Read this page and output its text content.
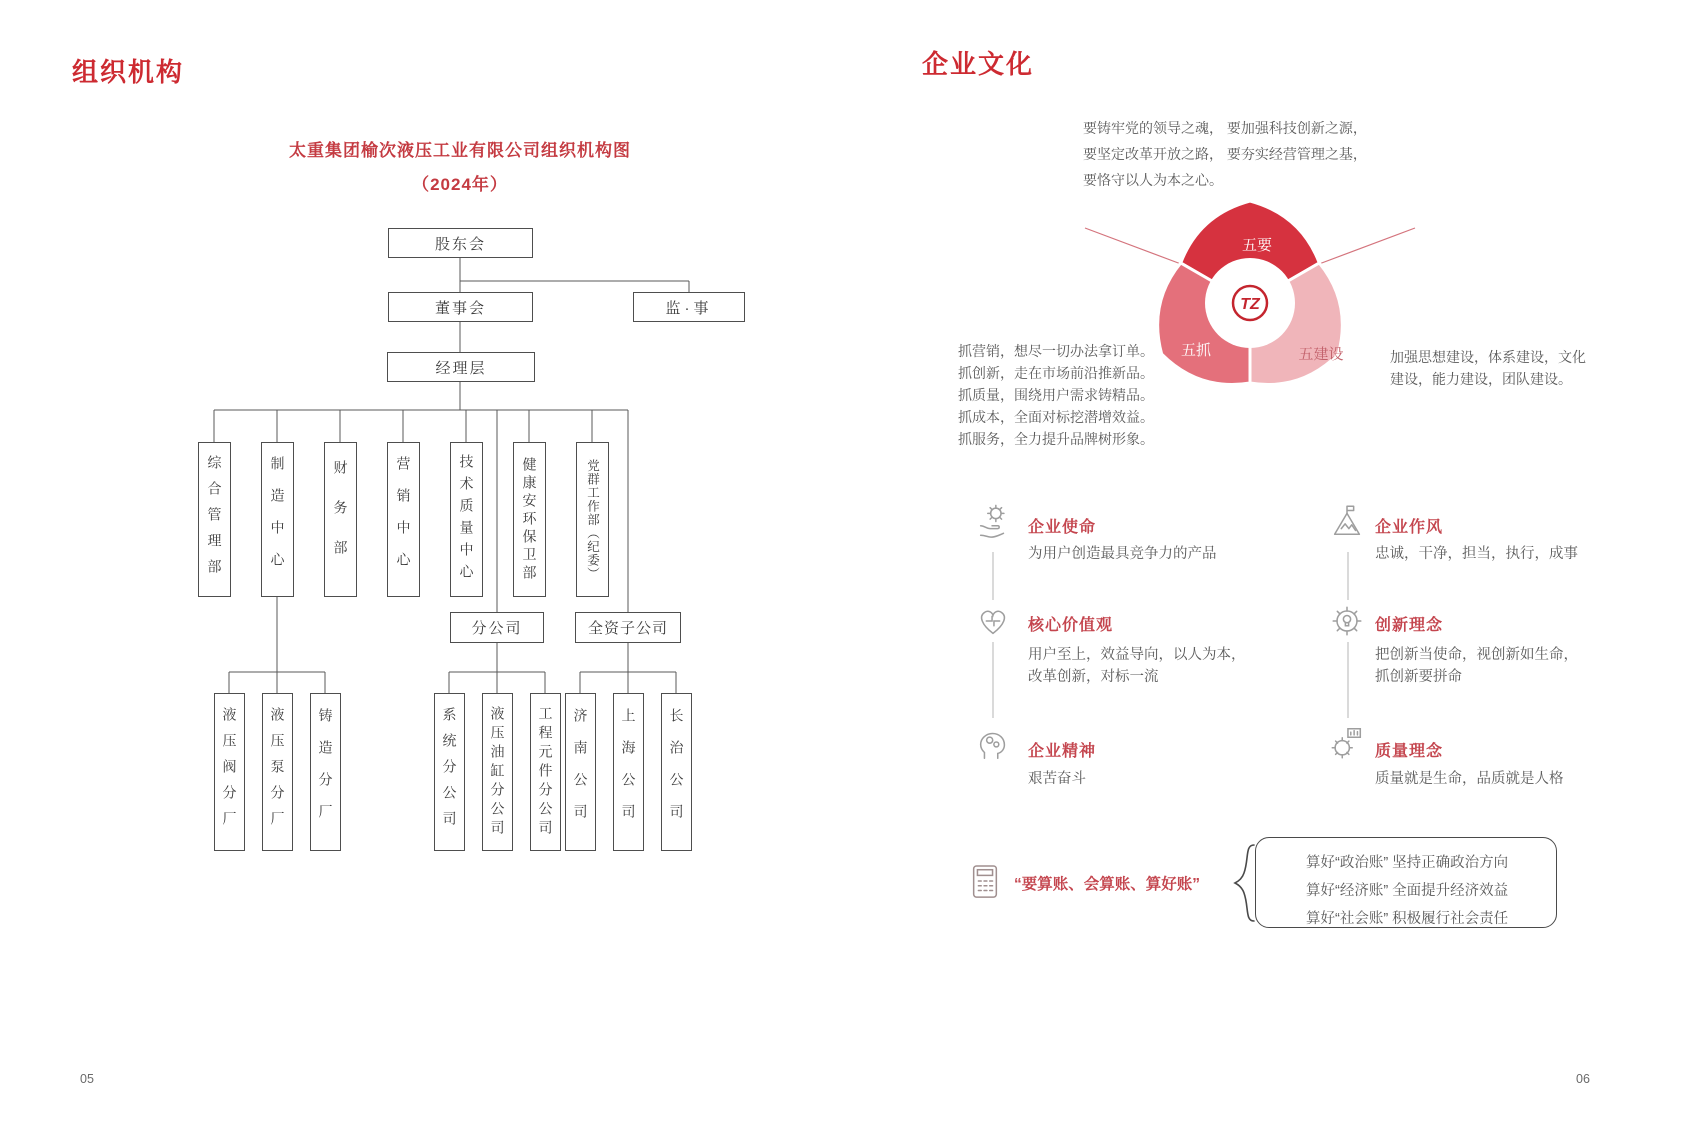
组织机构
太重集团榆次液压工业有限公司组织机构图
（2024年）
股东会
董事会	监·事
经理层
综合管理部	制造中心	财务部	营销中心	技术质量中心	健康安环保卫部	党群工作部（纪委）
分公司	全资子公司
液压阀分厂	液压泵分厂	铸造分厂	系统分公司	液压油缸分公司	工程元件分公司	济南公司	上海公司	长治公司
05
企业文化
要铸牢党的领导之魂， 要加强科技创新之源，
要坚定改革开放之路， 要夯实经营管理之基，
要恪守以人为本之心。
TZ
五要
五抓	五建设
抓营销，想尽一切办法拿订单。
抓创新，走在市场前沿推新品。
抓质量，围绕用户需求铸精品。
抓成本，全面对标挖潜增效益。
抓服务，全力提升品牌树形象。
加强思想建设，体系建设，文化
建设，能力建设，团队建设。
企业使命
为用户创造最具竞争力的产品
核心价值观
用户至上，效益导向，以人为本，
改革创新，对标一流
企业精神
艰苦奋斗
企业作风
忠诚，干净，担当，执行，成事
创新理念
把创新当使命，视创新如生命，
抓创新要拼命
质量理念
质量就是生命，品质就是人格
“要算账、会算账、算好账”
算好“政治账” 坚持正确政治方向
算好“经济账” 全面提升经济效益
算好“社会账” 积极履行社会责任
06
